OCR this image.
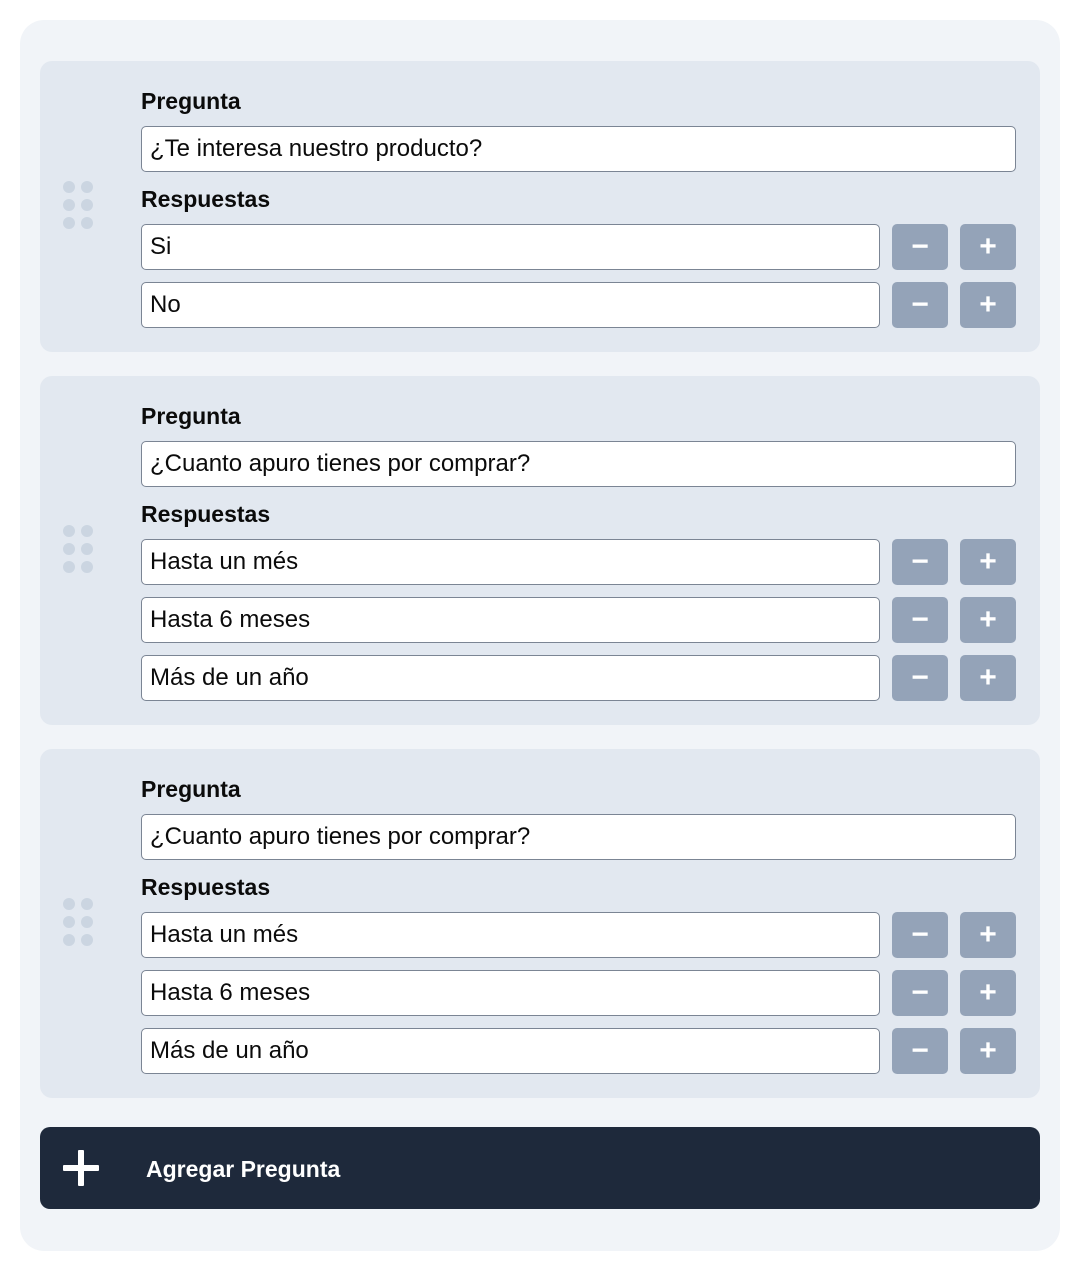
Pregunta
¿Te interesa nuestro producto?
Respuestas
Si	−	+
No	−	+
Pregunta
¿Cuanto apuro tienes por comprar?
Respuestas
Hasta un més	−	+
Hasta 6 meses	−	+
Más de un año	−	+
Pregunta
¿Cuanto apuro tienes por comprar?
Respuestas
Hasta un més	−	+
Hasta 6 meses	−	+
Más de un año	−	+
Agregar Pregunta
